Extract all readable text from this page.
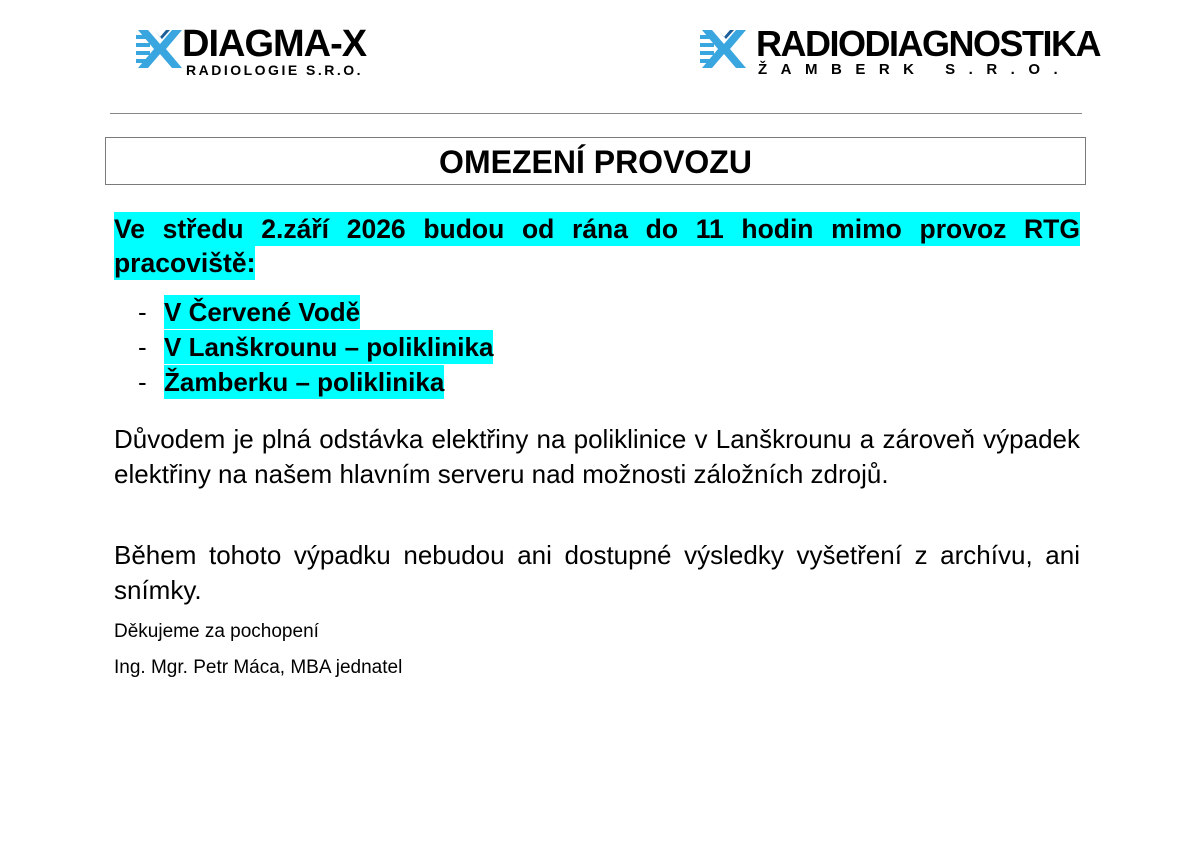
DIAGMA-X
RADIOLOGIE S.R.O.
RADIODIAGNOSTIKA
ŽAMBERK S.R.O.
OMEZENÍ PROVOZU
Ve středu 2.září 2026 budou od rána do 11 hodin mimo provoz RTG pracoviště:
- V Červené Vodě
- V Lanškrounu – poliklinika
- Žamberku – poliklinika

Důvodem je plná odstávka elektřiny na poliklinice v Lanškrounu a zároveň výpadek elektřiny na našem hlavním serveru nad možnosti záložních zdrojů.

Během tohoto výpadku nebudou ani dostupné výsledky vyšetření z archívu, ani snímky.

Děkujeme za pochopení
Ing. Mgr. Petr Máca, MBA jednatel
